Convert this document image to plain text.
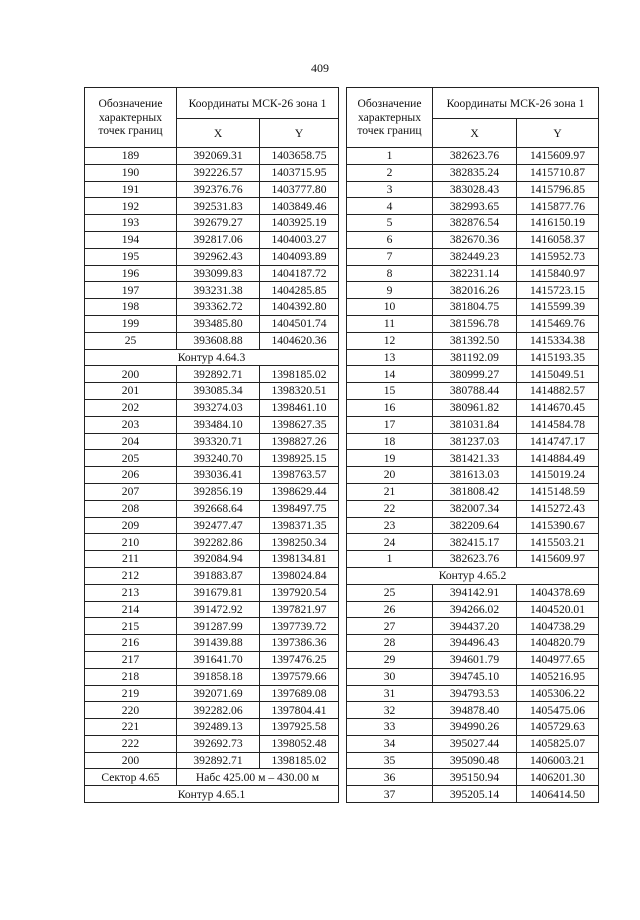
409
Обозначение характерных точек границ	Координаты МСК-26 зона 1	
	X	Y
189	392069.31	1403658.75
190	392226.57	1403715.95
191	392376.76	1403777.80
192	392531.83	1403849.46
193	392679.27	1403925.19
194	392817.06	1404003.27
195	392962.43	1404093.89
196	393099.83	1404187.72
197	393231.38	1404285.85
198	393362.72	1404392.80
199	393485.80	1404501.74
25	393608.88	1404620.36
Контур 4.64.3		
200	392892.71	1398185.02
201	393085.34	1398320.51
202	393274.03	1398461.10
203	393484.10	1398627.35
204	393320.71	1398827.26
205	393240.70	1398925.15
206	393036.41	1398763.57
207	392856.19	1398629.44
208	392668.64	1398497.75
209	392477.47	1398371.35
210	392282.86	1398250.34
211	392084.94	1398134.81
212	391883.87	1398024.84
213	391679.81	1397920.54
214	391472.92	1397821.97
215	391287.99	1397739.72
216	391439.88	1397386.36
217	391641.70	1397476.25
218	391858.18	1397579.66
219	392071.69	1397689.08
220	392282.06	1397804.41
221	392489.13	1397925.58
222	392692.73	1398052.48
200	392892.71	1398185.02
Сектор 4.65	Набс 425.00 м – 430.00 м	
Контур 4.65.1		
Обозначение характерных точек границ	Координаты МСК-26 зона 1	
	X	Y
1	382623.76	1415609.97
2	382835.24	1415710.87
3	383028.43	1415796.85
4	382993.65	1415877.76
5	382876.54	1416150.19
6	382670.36	1416058.37
7	382449.23	1415952.73
8	382231.14	1415840.97
9	382016.26	1415723.15
10	381804.75	1415599.39
11	381596.78	1415469.76
12	381392.50	1415334.38
13	381192.09	1415193.35
14	380999.27	1415049.51
15	380788.44	1414882.57
16	380961.82	1414670.45
17	381031.84	1414584.78
18	381237.03	1414747.17
19	381421.33	1414884.49
20	381613.03	1415019.24
21	381808.42	1415148.59
22	382007.34	1415272.43
23	382209.64	1415390.67
24	382415.17	1415503.21
1	382623.76	1415609.97
Контур 4.65.2		
25	394142.91	1404378.69
26	394266.02	1404520.01
27	394437.20	1404738.29
28	394496.43	1404820.79
29	394601.79	1404977.65
30	394745.10	1405216.95
31	394793.53	1405306.22
32	394878.40	1405475.06
33	394990.26	1405729.63
34	395027.44	1405825.07
35	395090.48	1406003.21
36	395150.94	1406201.30
37	395205.14	1406414.50
